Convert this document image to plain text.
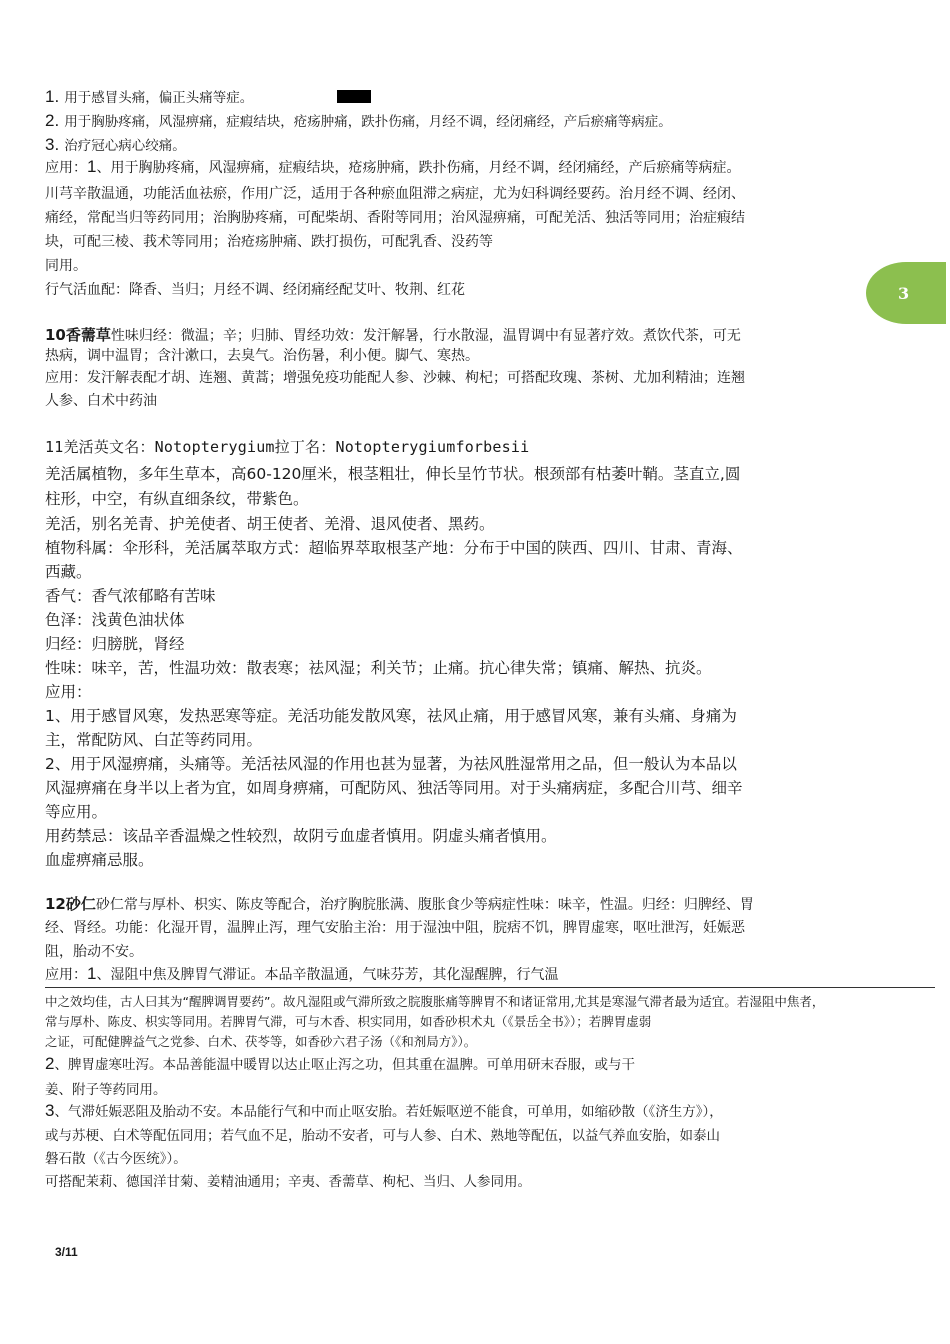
1. 用于感冒头痛，偏正头痛等症。
2. 用于胸胁疼痛，风湿痹痛，症瘕结块，疮疡肿痛，跌扑伤痛，月经不调，经闭痛经，产后瘀痛等病症。
3. 治疗冠心病心绞痛。
应用：1、用于胸胁疼痛，风湿痹痛，症瘕结块，疮疡肿痛，跌扑伤痛，月经不调，经闭痛经，产后瘀痛等病症。
川芎辛散温通，功能活血祛瘀，作用广泛，适用于各种瘀血阻滞之病症，尤为妇科调经要药。治月经不调、经闭、
痛经，常配当归等药同用；治胸胁疼痛，可配柴胡、香附等同用；治风湿痹痛，可配羌活、独活等同用；治症瘕结
块，可配三棱、莪术等同用；治疮疡肿痛、跌打损伤，可配乳香、没药等
同用。
行气活血配：降香、当归；月经不调、经闭痛经配艾叶、牧荆、红花	3
10香薷草性味归经：微温；辛；归肺、胃经功效：发汗解暑，行水散湿，温胃调中有显著疗效。煮饮代茶，可无
热病，调中温胃；含汁漱口，去臭气。治伤暑，利小便。脚气、寒热。
应用：发汗解表配才胡、连翘、黄蒿；增强免疫功能配人参、沙棘、枸杞；可搭配玫瑰、茶树、尤加利精油；连翘
人参、白术中药油
11羌活英文名：Notopterygium拉丁名：Notopterygiumforbesii
羌活属植物，多年生草本，高60-120厘米，根茎粗壮，伸长呈竹节状。根颈部有枯萎叶鞘。茎直立,圆
柱形，中空，有纵直细条纹，带紫色。
羌活，别名羌青、护羌使者、胡王使者、羌滑、退风使者、黑药。
植物科属：伞形科，羌活属萃取方式：超临界萃取根茎产地：分布于中国的陕西、四川、甘肃、青海、
西藏。
香气：香气浓郁略有苦味
色泽：浅黄色油状体
归经：归膀胱，肾经
性味：味辛，苦，性温功效：散表寒；祛风湿；利关节；止痛。抗心律失常；镇痛、解热、抗炎。
应用：
1、用于感冒风寒，发热恶寒等症。羌活功能发散风寒，祛风止痛，用于感冒风寒，兼有头痛、身痛为
主，常配防风、白芷等药同用。
2、用于风湿痹痛，头痛等。羌活祛风湿的作用也甚为显著，为祛风胜湿常用之品，但一般认为本品以
风湿痹痛在身半以上者为宜，如周身痹痛，可配防风、独活等同用。对于头痛病症，多配合川芎、细辛
等应用。
用药禁忌：该品辛香温燥之性较烈，故阴亏血虚者慎用。阴虚头痛者慎用。
血虚痹痛忌服。
12砂仁砂仁常与厚朴、枳实、陈皮等配合，治疗胸脘胀满、腹胀食少等病症性味：味辛，性温。归经：归脾经、胃
经、肾经。功能：化湿开胃，温脾止泻，理气安胎主治：用于湿浊中阻，脘痞不饥，脾胃虚寒，呕吐泄泻，妊娠恶
阻，胎动不安。
应用：1、湿阻中焦及脾胃气滞证。本品辛散温通，气味芬芳，其化湿醒脾，行气温
中之效均佳，古人曰其为“醒脾调胃要药”。故凡湿阻或气滞所致之脘腹胀痛等脾胃不和诸证常用,尤其是寒湿气滞者最为适宜。若湿阻中焦者，
常与厚朴、陈皮、枳实等同用。若脾胃气滞，可与木香、枳实同用，如香砂枳术丸（《景岳全书》）；若脾胃虚弱
之证，可配健脾益气之党参、白术、茯苓等，如香砂六君子汤（《和剂局方》）。
2、脾胃虚寒吐泻。本品善能温中暖胃以达止呕止泻之功，但其重在温脾。可单用研末吞服，或与干
姜、附子等药同用。
3、气滞妊娠恶阻及胎动不安。本品能行气和中而止呕安胎。若妊娠呕逆不能食，可单用，如缩砂散（《济生方》），
或与苏梗、白术等配伍同用；若气血不足，胎动不安者，可与人参、白术、熟地等配伍，以益气养血安胎，如泰山
磐石散（《古今医统》）。
可搭配茉莉、德国洋甘菊、姜精油通用；辛夷、香薷草、枸杞、当归、人参同用。
3/11
